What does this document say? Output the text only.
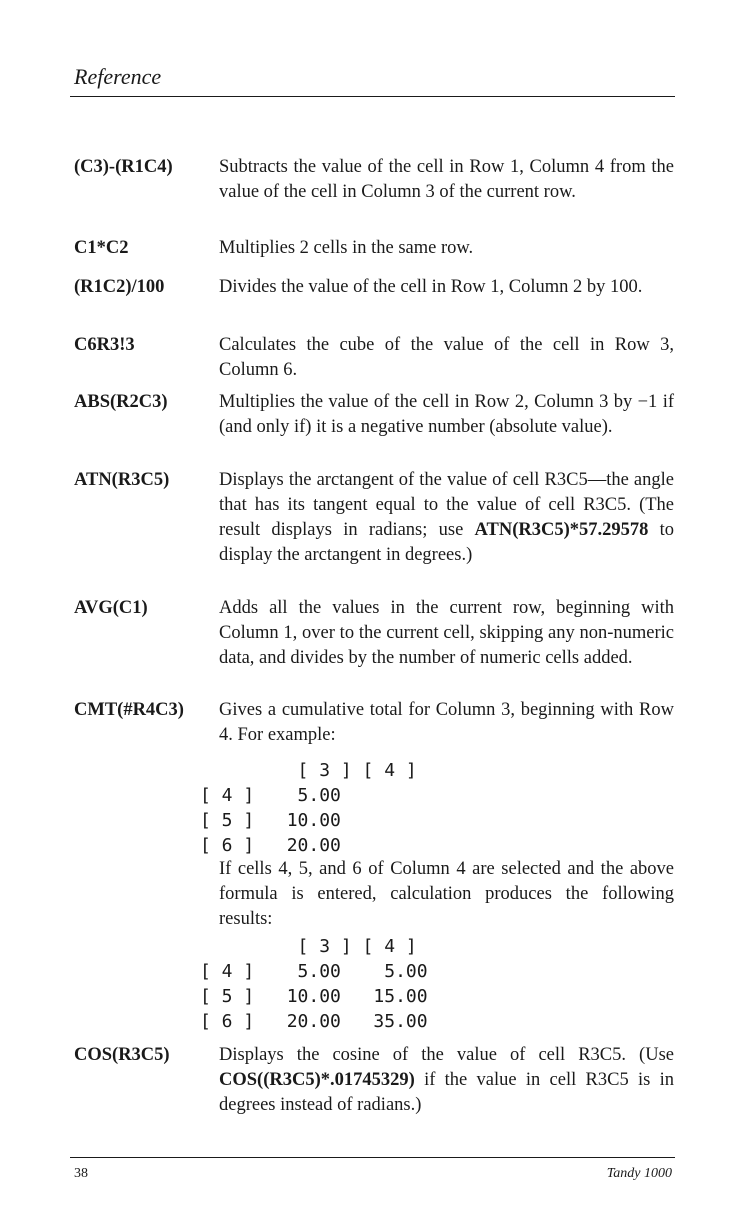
Reference
(C3)-(R1C4)	Subtracts the value of the cell in Row 1, Column 4 from the value of the cell in Column 3 of the current row.
C1*C2	Multiplies 2 cells in the same row.
(R1C2)/100	Divides the value of the cell in Row 1, Column 2 by 100.
C6R3!3	Calculates the cube of the value of the cell in Row 3, Column 6.
ABS(R2C3)	Multiplies the value of the cell in Row 2, Column 3 by −1 if (and only if) it is a negative number (absolute value).
ATN(R3C5)	Displays the arctangent of the value of cell R3C5—the angle that has its tangent equal to the value of cell R3C5. (The result displays in radians; use ATN(R3C5)*57.29578 to display the arctangent in degrees.)
AVG(C1)	Adds all the values in the current row, beginning with Column 1, over to the current cell, skipping any non-numeric data, and divides by the number of numeric cells added.
CMT(#R4C3) Gives a cumulative total for Column 3, beginning with Row 4. For example:
[ 3 ] [ 4 ]
[ 4 ]    5.00
[ 5 ]   10.00
[ 6 ]   20.00
If cells 4, 5, and 6 of Column 4 are selected and the above formula is entered, calculation produces the following results:
[ 3 ] [ 4 ]
[ 4 ]    5.00    5.00
[ 5 ]   10.00   15.00
[ 6 ]   20.00   35.00
COS(R3C5)	Displays the cosine of the value of cell R3C5. (Use COS((R3C5)*.01745329) if the value in cell R3C5 is in degrees instead of radians.)
38	Tandy 1000
